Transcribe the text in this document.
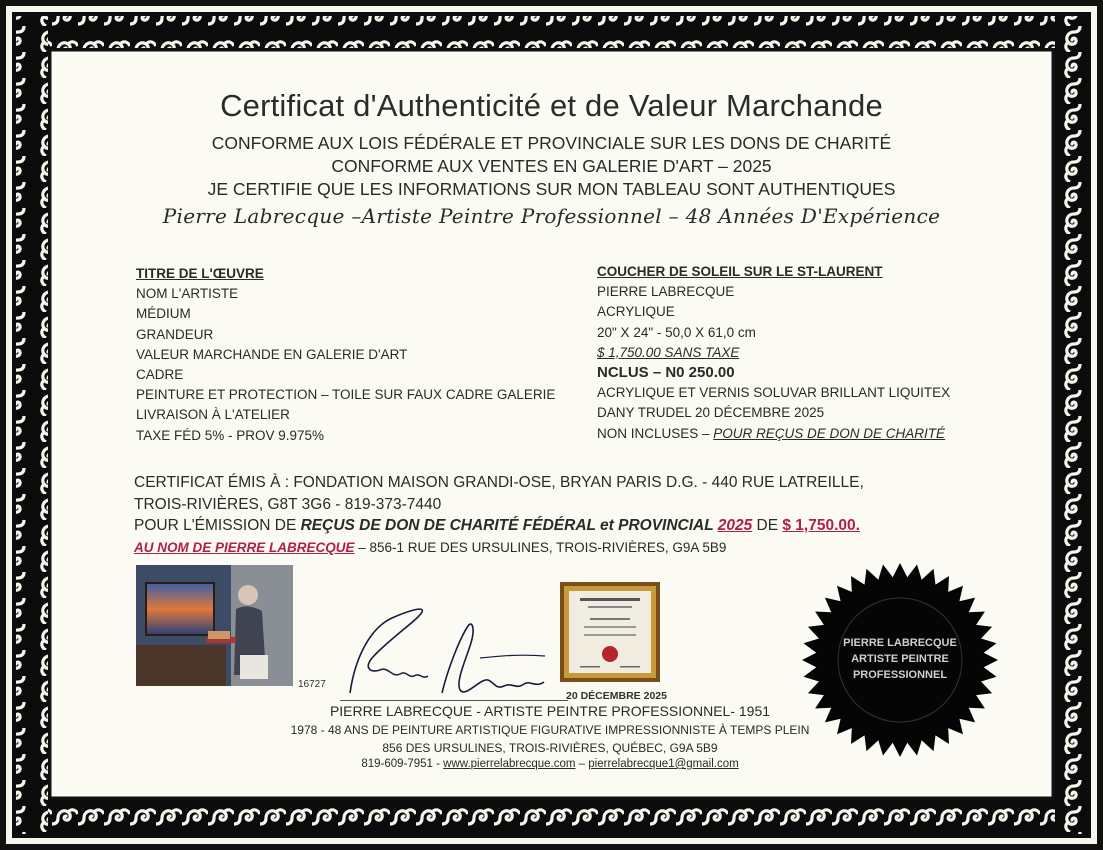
Certificat d'Authenticité et de Valeur Marchande
CONFORME AUX LOIS FÉDÉRALE ET PROVINCIALE SUR LES DONS DE CHARITÉ
CONFORME AUX VENTES EN GALERIE D'ART – 2025
JE CERTIFIE QUE LES INFORMATIONS SUR MON TABLEAU SONT AUTHENTIQUES
Pierre Labrecque –Artiste Peintre Professionnel – 48 Années D'Expérience
TITRE DE L'ŒUVRE
NOM L'ARTISTE
MÉDIUM
GRANDEUR
VALEUR MARCHANDE EN GALERIE D'ART
CADRE
PEINTURE ET PROTECTION – TOILE SUR FAUX CADRE GALERIE
LIVRAISON À L'ATELIER
TAXE FÉD 5% - PROV 9.975%
COUCHER DE SOLEIL SUR LE ST-LAURENT
PIERRE LABRECQUE
ACRYLIQUE
20" X 24" - 50,0 X 61,0 cm
$ 1,750.00 SANS TAXE
NCLUS – N0 250.00
ACRYLIQUE ET VERNIS SOLUVAR BRILLANT LIQUITEX
DANY TRUDEL 20 DÉCEMBRE 2025
NON INCLUSES – POUR REÇUS DE DON DE CHARITÉ
CERTIFICAT ÉMIS À : FONDATION MAISON GRANDI-OSE, BRYAN PARIS D.G. - 440 RUE LATREILLE,
TROIS-RIVIÈRES, G8T 3G6 - 819-373-7440
POUR L'ÉMISSION DE REÇUS DE DON DE CHARITÉ FÉDÉRAL et PROVINCIAL 2025 DE $ 1,750.00.
AU NOM DE PIERRE LABRECQUE – 856-1 RUE DES URSULINES, TROIS-RIVIÈRES, G9A 5B9
16727
20 DÉCEMBRE 2025
PIERRE LABRECQUE
ARTISTE PEINTRE
PROFESSIONNEL
PIERRE LABRECQUE - ARTISTE PEINTRE PROFESSIONNEL- 1951
1978 - 48 ANS DE PEINTURE ARTISTIQUE FIGURATIVE IMPRESSIONNISTE À TEMPS PLEIN
856 DES URSULINES, TROIS-RIVIÈRES, QUÉBEC, G9A 5B9
819-609-7951 - www.pierrelabrecque.com – pierrelabrecque1@gmail.com
